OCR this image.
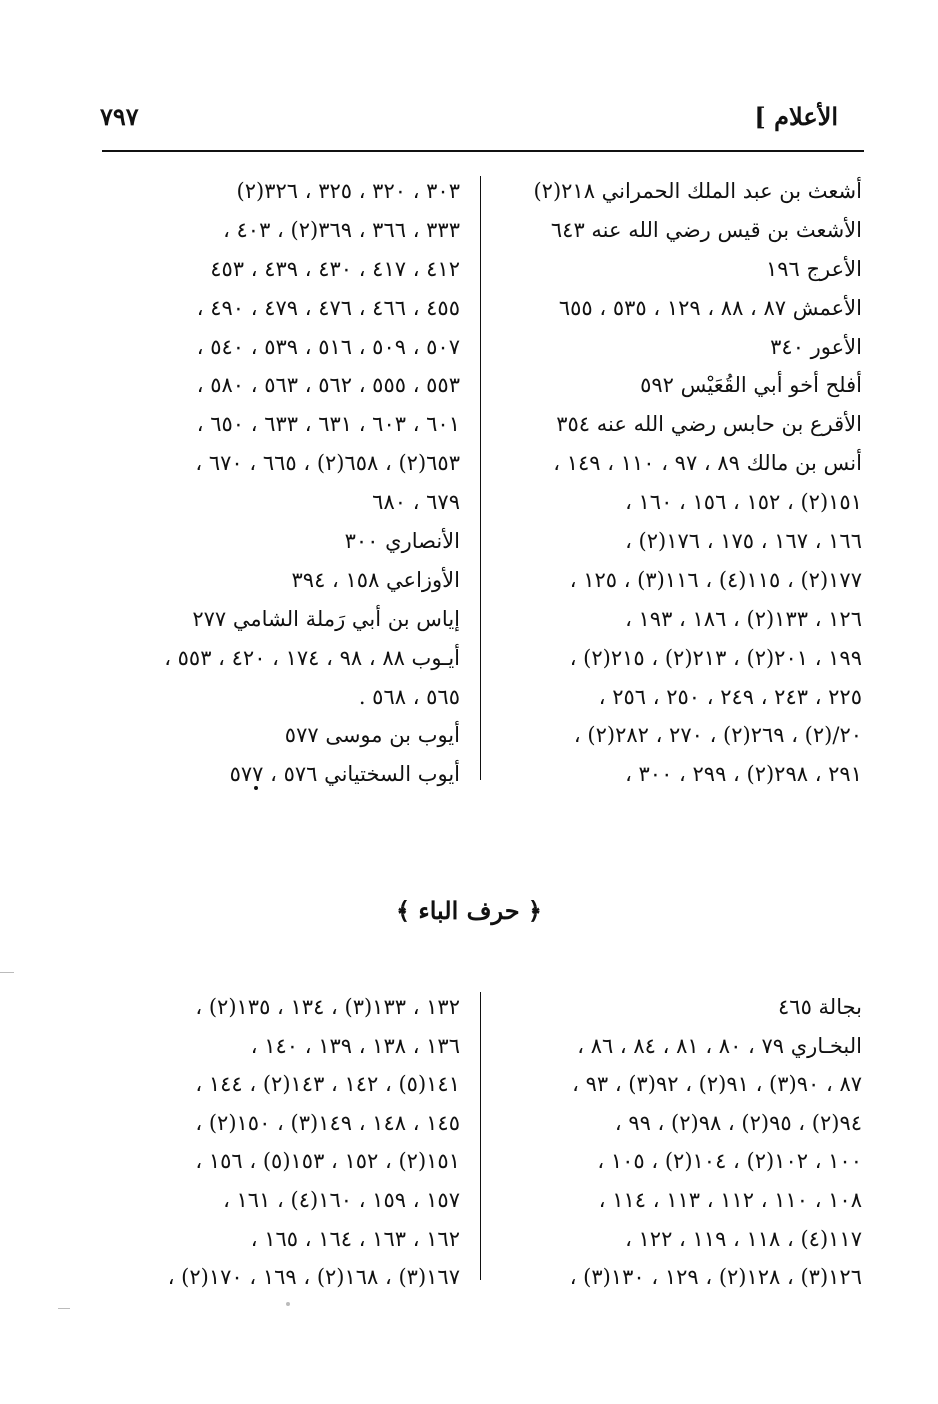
الأعلام ]
٧٩٧
أشعث بن عبد الملك الحمراني ٢١٨(٢)
الأشعث بن قيس رضي الله عنه ٦٤٣
الأعرج ١٩٦
الأعمش ٨٧ ، ٨٨ ، ١٢٩ ، ٥٣٥ ، ٦٥٥
الأعور ٣٤٠
أفلح أخو أبي القُعَيْس ٥٩٢
الأقرع بن حابس رضي الله عنه ٣٥٤
أنس بن مالك ٨٩ ، ٩٧ ، ١١٠ ، ١٤٩ ،
١٥١(٢) ، ١٥٢ ، ١٥٦ ، ١٦٠ ،
١٦٦ ، ١٦٧ ، ١٧٥ ، ١٧٦(٢) ،
١٧٧(٢) ، ١١٥(٤) ، ١١٦(٣) ، ١٢٥ ،
١٢٦ ، ١٣٣(٢) ، ١٨٦ ، ١٩٣ ،
١٩٩ ، ٢٠١(٢) ، ٢١٣(٢) ، ٢١٥(٢) ،
٢٢٥ ، ٢٤٣ ، ٢٤٩ ، ٢٥٠ ، ٢٥٦ ،
٢٠/(٢) ، ٢٦٩(٢) ، ٢٧٠ ، ٢٨٢(٢) ،
٢٩١ ، ٢٩٨(٢) ، ٢٩٩ ، ٣٠٠ ،
٣٠٣ ، ٣٢٠ ، ٣٢٥ ، ٣٢٦(٢)
٣٣٣ ، ٣٦٦ ، ٣٦٩(٢) ، ٤٠٣ ،
٤١٢ ، ٤١٧ ، ٤٣٠ ، ٤٣٩ ، ٤٥٣
٤٥٥ ، ٤٦٦ ، ٤٧٦ ، ٤٧٩ ، ٤٩٠ ،
٥٠٧ ، ٥٠٩ ، ٥١٦ ، ٥٣٩ ، ٥٤٠ ،
٥٥٣ ، ٥٥٥ ، ٥٦٢ ، ٥٦٣ ، ٥٨٠ ،
٦٠١ ، ٦٠٣ ، ٦٣١ ، ٦٣٣ ، ٦٥٠ ،
٦٥٣(٢) ، ٦٥٨(٢) ، ٦٦٥ ، ٦٧٠ ،
٦٧٩ ، ٦٨٠
الأنصاري ٣٠٠
الأوزاعي ١٥٨ ، ٣٩٤
إياس بن أبي رَملة الشامي ٢٧٧
أيـوب ٨٨ ، ٩٨ ، ١٧٤ ، ٤٢٠ ، ٥٥٣ ،
٥٦٥ ، ٥٦٨ .
أيوب بن موسى ٥٧٧
أيوب السختياني ٥٧٦ ، ٥٧٧
﴿ حرف الباء ﴾
بجالة ٤٦٥
البخـاري ٧٩ ، ٨٠ ، ٨١ ، ٨٤ ، ٨٦ ،
٨٧ ، ٩٠(٣) ، ٩١(٢) ، ٩٢(٣) ، ٩٣ ،
٩٤(٢) ، ٩٥(٢) ، ٩٨(٢) ، ٩٩ ،
١٠٠ ، ١٠٢(٢) ، ١٠٤(٢) ، ١٠٥ ،
١٠٨ ، ١١٠ ، ١١٢ ، ١١٣ ، ١١٤ ،
١١٧(٤) ، ١١٨ ، ١١٩ ، ١٢٢ ،
١٢٦(٣) ، ١٢٨(٢) ، ١٢٩ ، ١٣٠(٣) ،
١٣٢ ، ١٣٣(٣) ، ١٣٤ ، ١٣٥(٢) ،
١٣٦ ، ١٣٨ ، ١٣٩ ، ١٤٠ ،
١٤١(٥) ، ١٤٢ ، ١٤٣(٢) ، ١٤٤ ،
١٤٥ ، ١٤٨ ، ١٤٩(٣) ، ١٥٠(٢) ،
١٥١(٢) ، ١٥٢ ، ١٥٣(٥) ، ١٥٦ ،
١٥٧ ، ١٥٩ ، ١٦٠(٤) ، ١٦١ ،
١٦٢ ، ١٦٣ ، ١٦٤ ، ١٦٥ ،
١٦٧(٣) ، ١٦٨(٢) ، ١٦٩ ، ١٧٠(٢) ،
